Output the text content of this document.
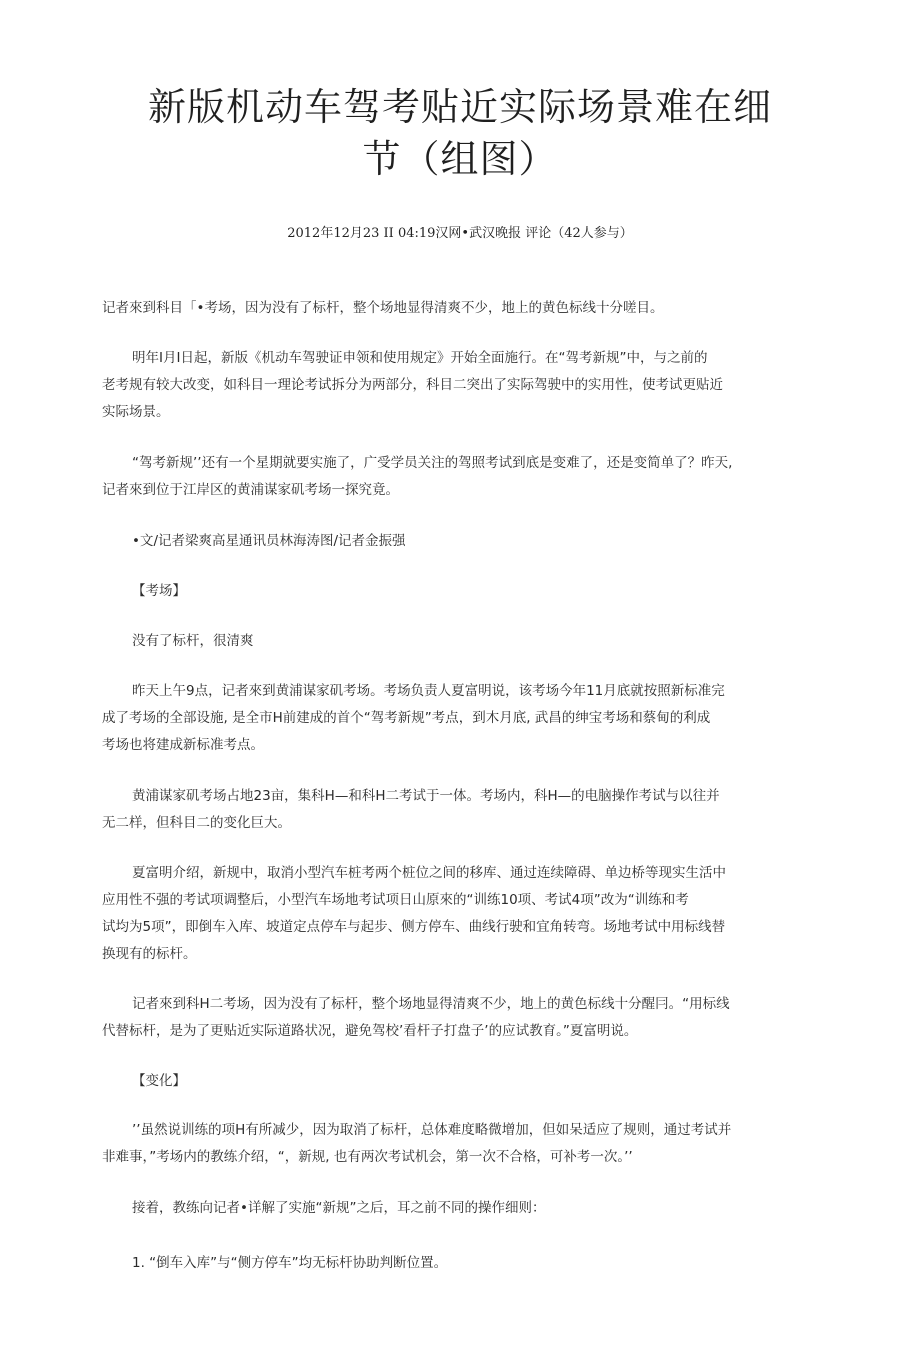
新版机动车驾考贴近实际场景难在细
节（组图）
2012年12月23 II 04:19汉网•武汉晚报 评论（42人参与）
记者來到科目「•考场，因为没有了标杆，整个场地显得清爽不少，地上的黄色标线十分嗟目。
明年I月I日起，新版《机动车驾驶证申领和使用规定》开始全面施行。在“驾考新规”中，与之前的
老考规有较大改变，如科目一理论考试拆分为两部分，科目二突出了实际驾驶中的实用性，使考试更贴近
实际场景。
“驾考新规’’还有一个星期就要实施了，广受学员关注的驾照考试到底是变难了，还是变简单了？昨天,
记者來到位于江岸区的黄浦谋家矶考场一探究竟。
•文/记者梁爽高星通讯员林海涛图/记者金振强
【考场】
没有了标杆，很清爽
昨天上午9点，记者來到黄浦谋家矶考场。考场负责人夏富明说，该考场今年11月底就按照新标准完
成了考场的全部设施, 是全市H前建成的首个“驾考新规”考点，到木月底, 武昌的绅宝考场和蔡甸的利成
考场也将建成新标准考点。
黄浦谋家矶考场占地23亩，集科H—和科H二考试于一体。考场内，科H—的电脑操作考试与以往并
无二样，但科目二的变化巨大。
夏富明介绍，新规中，取消小型汽车桩考两个桩位之间的移库、通过连续障碍、单边桥等现实生活中
应用性不强的考试项调整后，小型汽车场地考试项日山原來的“训练10项、考试4项”改为“训练和考
试均为5项”，即倒车入库、坡道定点停车与起步、侧方停车、曲线行驶和宜角转弯。场地考试中用标线替
换现有的标杆。
记者來到科H二考场，因为没有了标杆，整个场地显得清爽不少，地上的黄色标线十分醒冃。“用标线
代替标杆，是为了更贴近实际道路状况，避免驾校’看杆子打盘子’的应试教育。”夏富明说。
【变化】
’’虽然说训练的项H有所减少，因为取消了标杆，总体难度略微增加，但如呆适应了规则，通过考试并
非难事，”考场内的教练介绍，“，新规, 也有两次考试机会，第一次不合格，可补考一次。’’
接着，教练向记者•详解了实施“新规”之后，耳之前不同的操作细则：
1. “倒车入库”与“侧方停车”均无标杆协助判断位置。
